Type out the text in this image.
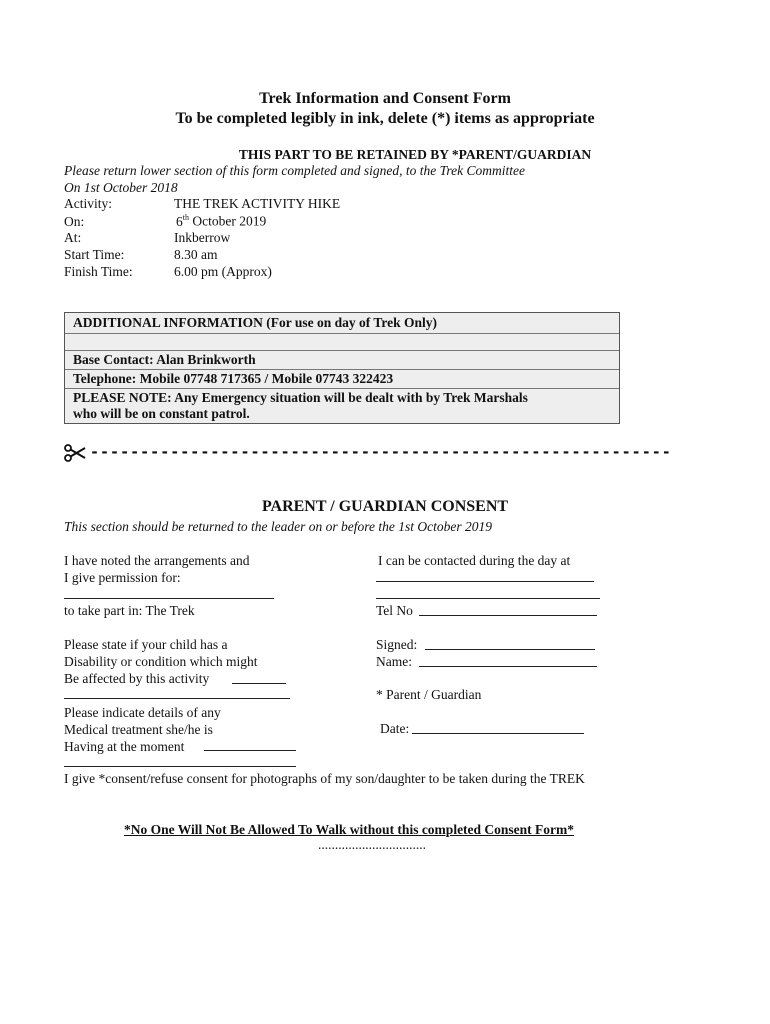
Trek Information and Consent Form
To be completed legibly in ink, delete (*) items as appropriate
THIS PART TO BE RETAINED BY *PARENT/GUARDIAN
Please return lower section of this form completed and signed, to the Trek Committee
On 1st October 2018
Activity:	THE TREK ACTIVITY HIKE
On:	6th October 2019
At:	Inkberrow
Start Time:	8.30 am
Finish Time:	6.00 pm (Approx)
ADDITIONAL INFORMATION (For use on day of Trek Only)
Base Contact: Alan Brinkworth
Telephone: Mobile 07748 717365 / Mobile 07743 322423
PLEASE NOTE: Any Emergency situation will be dealt with by Trek Marshals
who will be on constant patrol.
----------------------------------------------------------
PARENT / GUARDIAN CONSENT
This section should be returned to the leader on or before the 1st October 2019
I have noted the arrangements and
I give permission for:
to take part in: The Trek
Please state if your child has a
Disability or condition which might
Be affected by this activity
Please indicate details of any
Medical treatment she/he is
Having at the moment
I can be contacted during the day at
Tel No
Signed:
Name:
* Parent / Guardian
Date:
I give *consent/refuse consent for photographs of my son/daughter to be taken during the TREK
*No One Will Not Be Allowed To Walk without this completed Consent Form*
................................
